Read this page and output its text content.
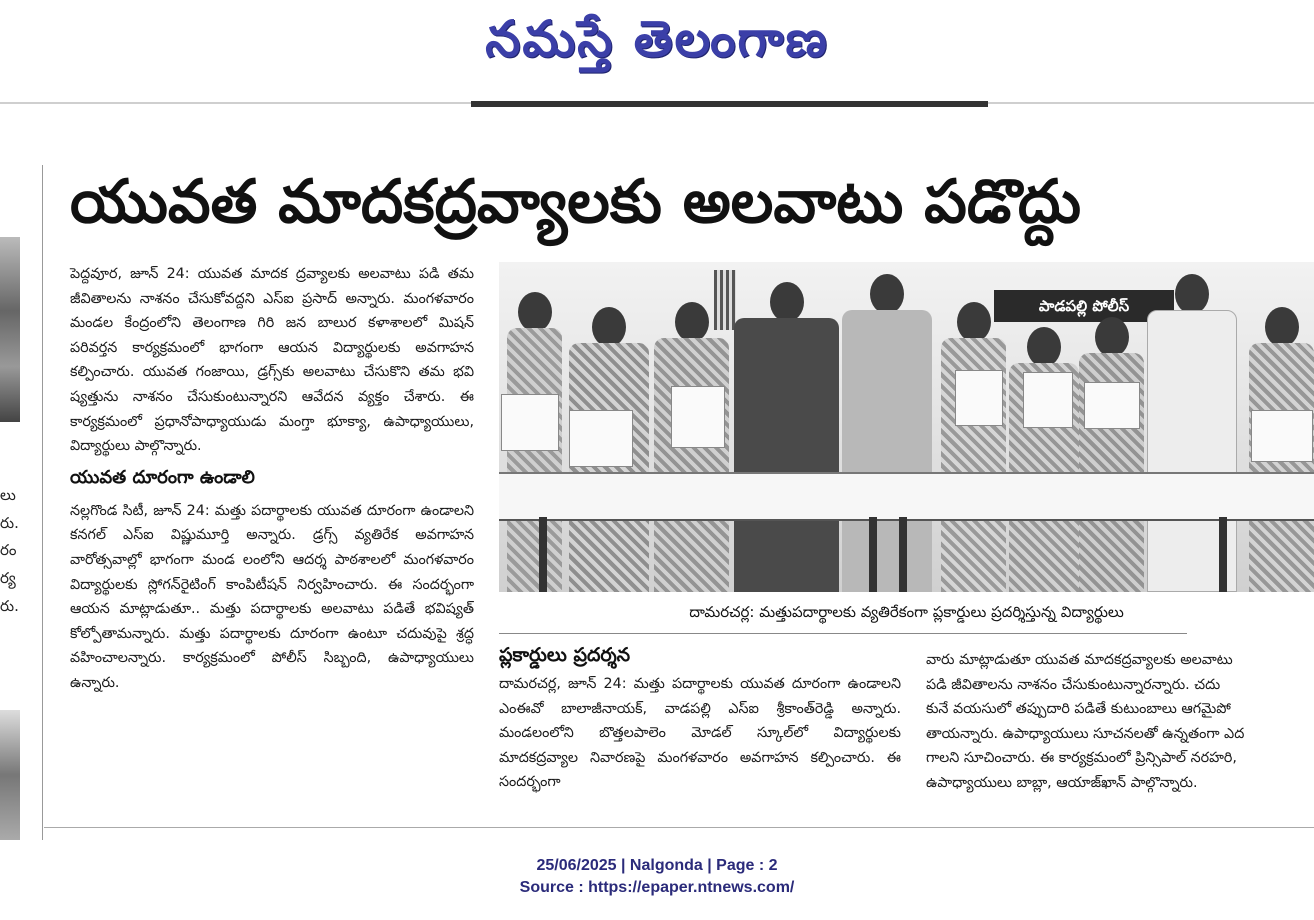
నమస్తే తెలంగాణ
లు
రు.
రం
ర్య
రు.
యువత మాదకద్రవ్యాలకు అలవాటు పడొద్దు

పెద్దవూర, జూన్ 24: యువత మాదక ద్రవ్యాలకు అలవాటు పడి తమ జీవితాలను నాశనం చేసుకోవద్దని ఎస్ఐ ప్రసాద్ అన్నారు. మంగళవారం మండల కేంద్రంలోని తెలంగాణ గిరి జన బాలుర కళాశాలలో మిషన్ పరివర్తన కార్యక్రమంలో భాగంగా ఆయన విద్యార్థులకు అవగాహన కల్పించారు. యువత గంజాయి, డ్రగ్స్‌కు అలవాటు చేసుకొని తమ భవి ష్యత్తును నాశనం చేసుకుంటున్నారని ఆవేదన వ్యక్తం చేశారు. ఈ కార్యక్రమంలో ప్రధానోపాధ్యాయుడు మంగ్తా భూక్యా, ఉపాధ్యాయులు, విద్యార్థులు పాల్గొన్నారు.

యువత దూరంగా ఉండాలి

నల్లగొండ సిటీ, జూన్ 24: మత్తు పదార్థాలకు యువత దూరంగా ఉండాలని కనగల్ ఎస్ఐ విష్ణుమూర్తి అన్నారు. డ్రగ్స్ వ్యతిరేక అవగాహన వారోత్సవాల్లో భాగంగా మండ లంలోని ఆదర్శ పాఠశాలలో మంగళవారం విద్యార్థులకు స్లోగన్‌రైటింగ్ కాంపిటీషన్ నిర్వహించారు. ఈ సందర్భంగా ఆయన మాట్లాడుతూ.. మత్తు పదార్థాలకు అలవాటు పడితే భవిష్యత్ కోల్పోతామన్నారు. మత్తు పదార్థాలకు దూరంగా ఉంటూ చదువుపై శ్రద్ధ వహించాలన్నారు. కార్యక్రమంలో పోలీస్ సిబ్బంది, ఉపాధ్యాయులు ఉన్నారు.

పాడపల్లి పోలీస్
దామరచర్ల: మత్తుపదార్థాలకు వ్యతిరేకంగా ప్లకార్డులు ప్రదర్శిస్తున్న విద్యార్థులు
ప్లకార్డులు ప్రదర్శన

దామరచర్ల, జూన్ 24: మత్తు పదార్థాలకు యువత దూరంగా ఉండాలని ఎంఈవో బాలాజీనాయక్, వాడపల్లి ఎస్ఐ శ్రీకాంత్‌రెడ్డి అన్నారు. మండలంలోని బొత్తలపాలెం మోడల్ స్కూల్‌లో విద్యార్థులకు మాదకద్రవ్యాల నివారణపై మంగళవారం అవగాహన కల్పించారు. ఈ సందర్భంగా

వారు మాట్లాడుతూ యువత మాదకద్రవ్యాలకు అలవాటు

పడి జీవితాలను నాశనం చేసుకుంటున్నారన్నారు. చదు

కునే వయసులో తప్పుదారి పడితే కుటుంబాలు ఆగమైపో

తాయన్నారు. ఉపాధ్యాయులు సూచనలతో ఉన్నతంగా ఎద

గాలని సూచించారు. ఈ కార్యక్రమంలో ప్రిన్సిపాల్ నరహరి,

ఉపాధ్యాయులు బాబ్లా, ఆయాజ్‌ఖాన్ పాల్గొన్నారు.

25/06/2025 | Nalgonda | Page : 2
Source : https://epaper.ntnews.com/
